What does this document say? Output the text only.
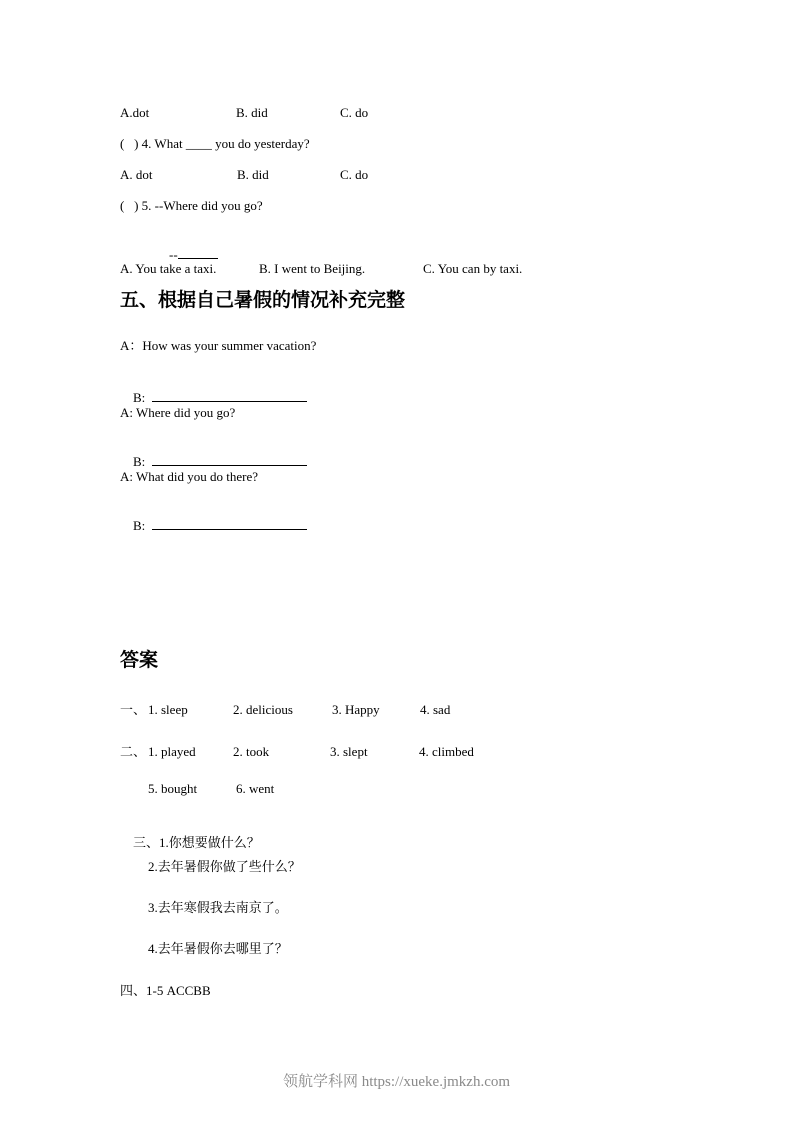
A.dot

	B. did

	C. do

(   ) 4. What ____ you do yesterday?

A. dot

	B. did

	C. do

(   ) 5. --Where did you go?

--

A. You take a taxi.

	B. I went to Beijing.

	C. You can by taxi.

五、根据自己暑假的情况补充完整
A：How was your summer vacation?

B:

A: Where did you go?

B:

A: What did you do there?

B:

答案

一、

1. sleep

	2. delicious

	3. Happy

	4. sad

二、

1. played

	2. took

	3. slept

	4. climbed

5. bought

	6. went

三、1.你想要做什么？

2.去年暑假你做了些什么？
3.去年寒假我去南京了。
4.去年暑假你去哪里了？
四、1-5 ACCBB
领航学科网 https://xueke.jmkzh.com
